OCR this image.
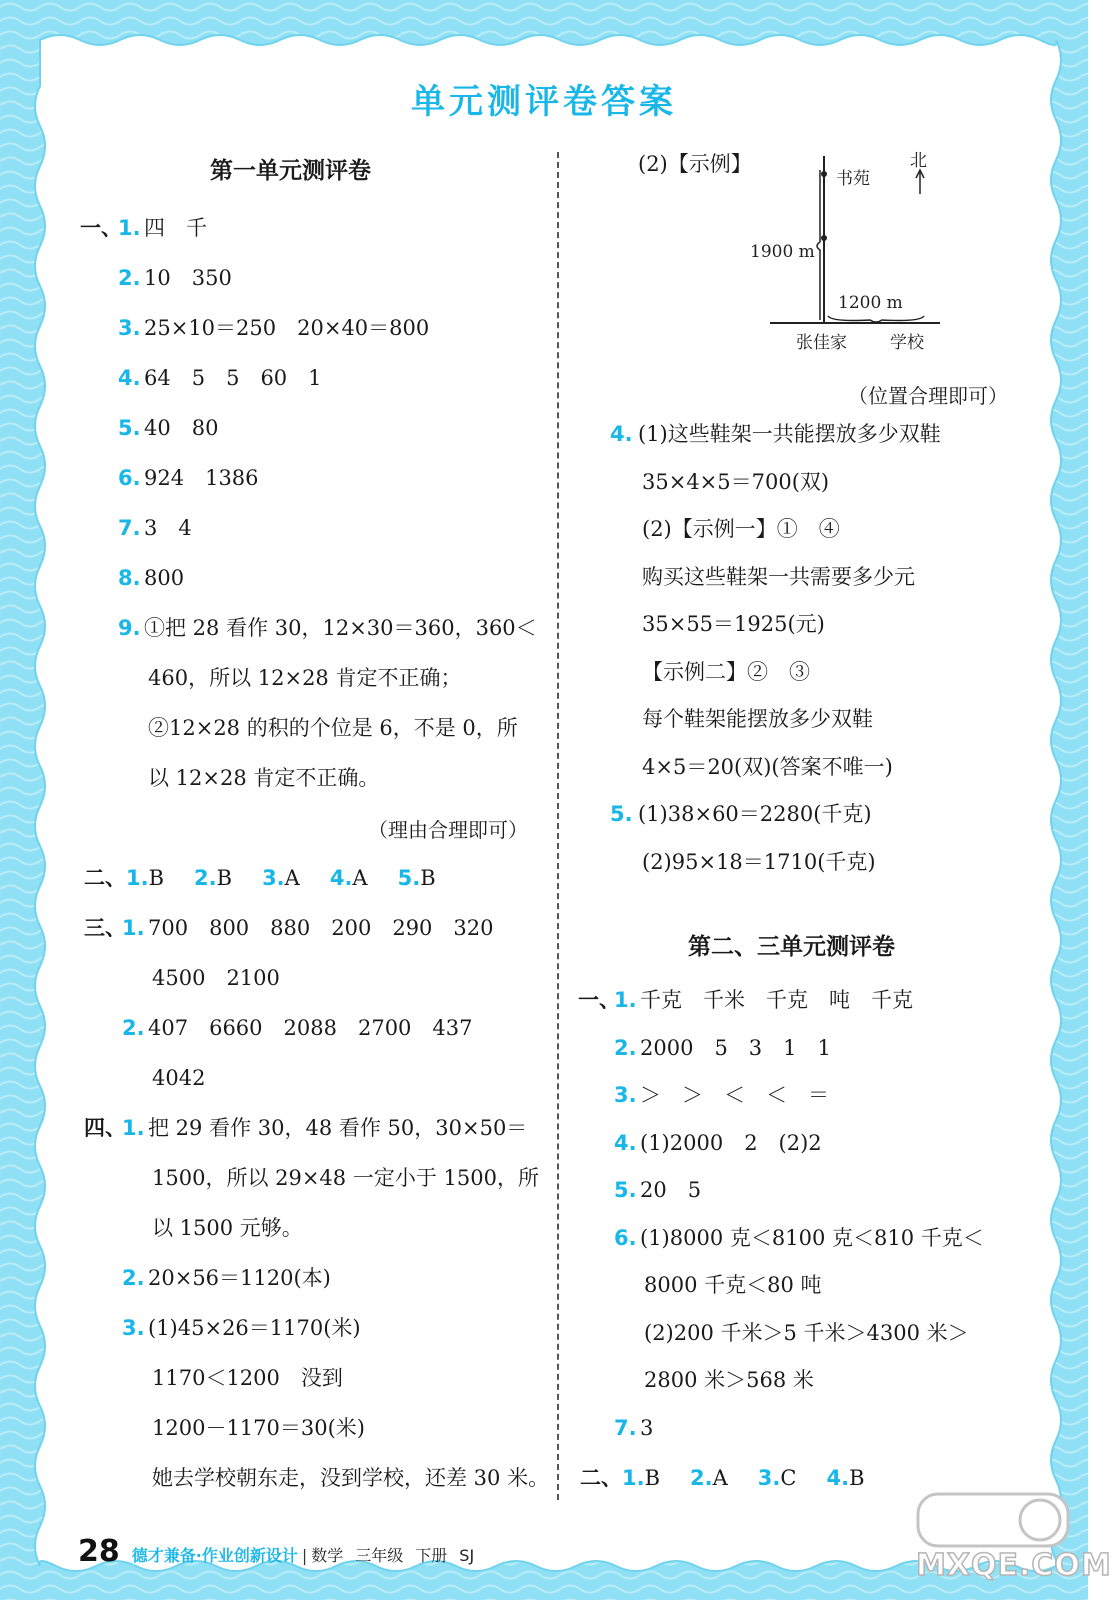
单元测评卷答案
第一单元测评卷
一、
1. 四　千
2. 10　350
3. 25×10＝250　20×40＝800
4. 64　5　5　60　1
5. 40　80
6. 924　1386
7. 3　4
8. 800
9. ①把 28 看作 30，12×30＝360，360＜
460，所以 12×28 肯定不正确；
②12×28 的积的个位是 6，不是 0，所
以 12×28 肯定不正确。
（理由合理即可）
二、1.B 2.B 3.A 4.A 5.B
三、
1. 700　800　880　200　290　320
4500　2100
2. 407　6660　2088　2700　437
4042
四、
1. 把 29 看作 30，48 看作 50，30×50＝
1500，所以 29×48 一定小于 1500，所
以 1500 元够。
2. 20×56＝1120(本)
3. (1)45×26＝1170(米)
1170＜1200　没到
1200－1170＝30(米)
她去学校朝东走，没到学校，还差 30 米。
(2)【示例】
书苑
北
1900 m
1200 m
张佳家	学校
（位置合理即可）
4. (1)这些鞋架一共能摆放多少双鞋
35×4×5＝700(双)
(2)【示例一】①　④
购买这些鞋架一共需要多少元
35×55＝1925(元)
【示例二】②　③
每个鞋架能摆放多少双鞋
4×5＝20(双)(答案不唯一)
5. (1)38×60＝2280(千克)
(2)95×18＝1710(千克)
第二、三单元测评卷
一、
1. 千克　千米　千克　吨　千克
2. 2000　5　3　1　1
3. ＞　＞　＜　＜　＝
4. (1)2000　2　(2)2
5. 20　5
6. (1)8000 克＜8100 克＜810 千克＜
8000 千克＜80 吨
(2)200 千米＞5 千米＞4300 米＞
2800 米＞568 米
7. 3
二、1.B 2.A 3.C 4.B
28 德才兼备·作业创新设计 | 数学 三年级 下册 SJ	MXQE.COM
